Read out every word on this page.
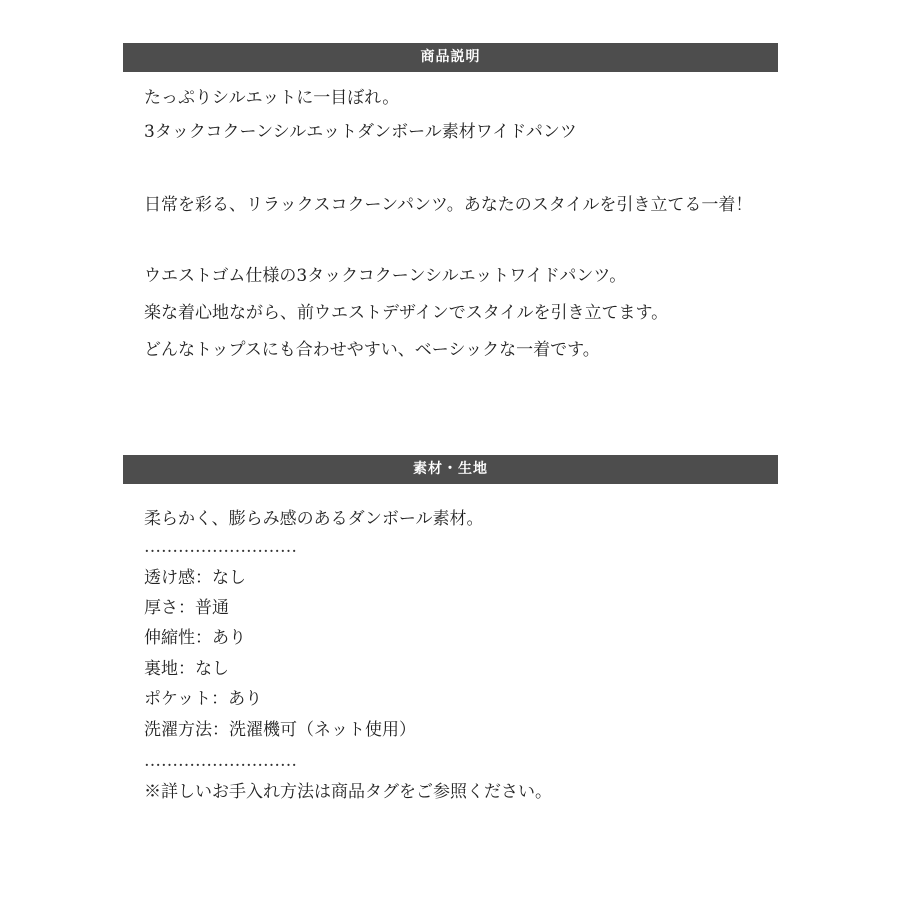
商品説明
たっぷりシルエットに一目ぼれ。
3タックコクーンシルエットダンボール素材ワイドパンツ
日常を彩る、リラックスコクーンパンツ。あなたのスタイルを引き立てる一着！
ウエストゴム仕様の3タックコクーンシルエットワイドパンツ。
楽な着心地ながら、前ウエストデザインでスタイルを引き立てます。
どんなトップスにも合わせやすい、ベーシックな一着です。
素材・生地
柔らかく、膨らみ感のあるダンボール素材。
………………………
透け感：なし
厚さ：普通
伸縮性：あり
裏地：なし
ポケット：あり
洗濯方法：洗濯機可（ネット使用）
………………………
※詳しいお手入れ方法は商品タグをご参照ください。
